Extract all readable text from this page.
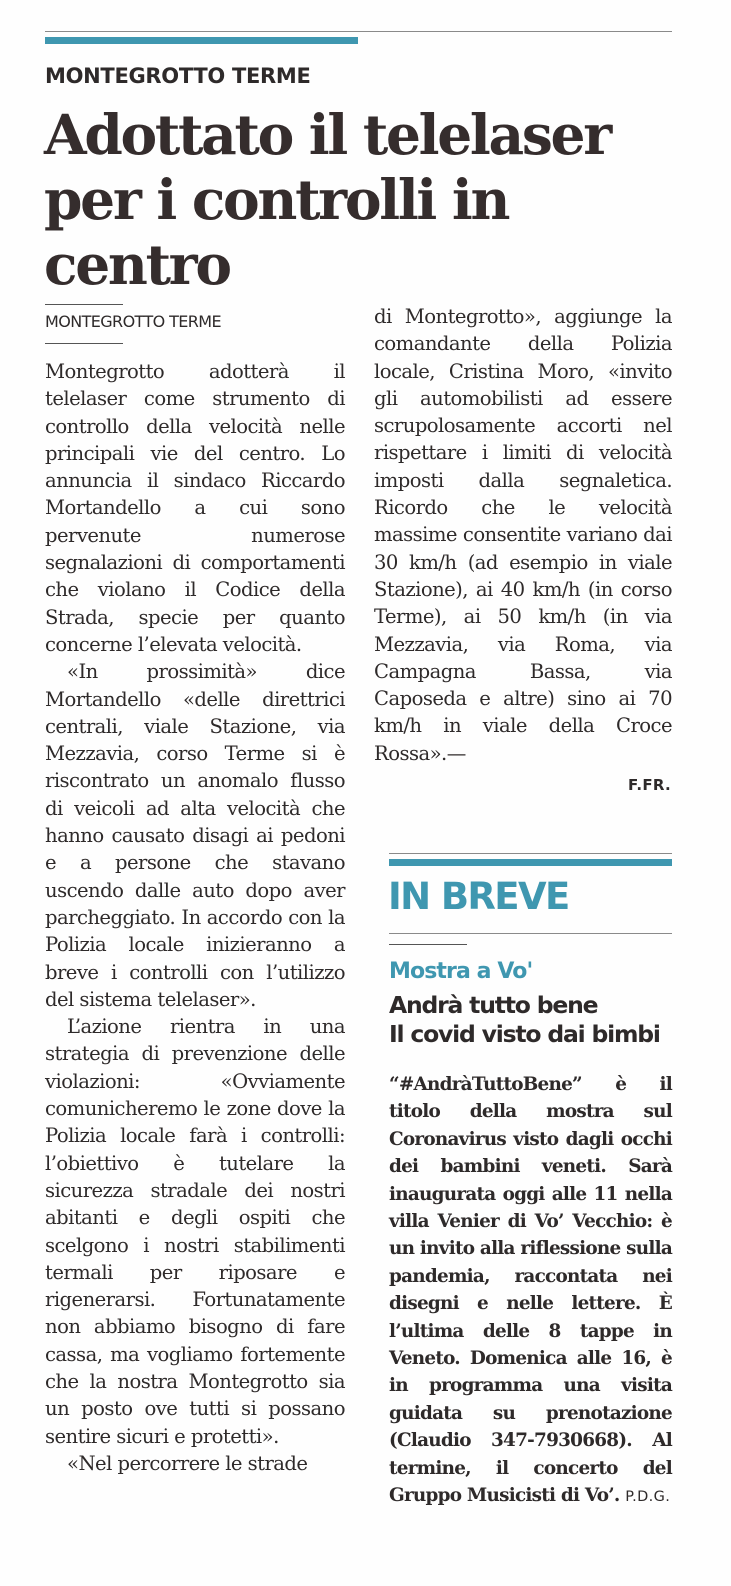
MONTEGROTTO TERME
Adottato il telelaser
per i controlli in centro
MONTEGROTTO TERME

Montegrotto adotterà il telelaser come strumento di controllo della velocità nelle principali vie del centro. Lo annuncia il sindaco Riccardo Mortandello a cui sono pervenute numerose segnalazioni di comportamenti che violano il Codice della Strada, specie per quanto concerne l’elevata velocità.

«In prossimità» dice Mortandello «delle direttrici centrali, viale Stazione, via Mezzavia, corso Terme si è riscontrato un anomalo flusso di veicoli ad alta velocità che hanno causato disagi ai pedoni e a persone che stavano uscendo dalle auto dopo aver parcheggiato. In accordo con la Polizia locale inizieranno a breve i controlli con l’utilizzo del sistema telelaser».

L’azione rientra in una strategia di prevenzione delle violazioni: «Ovviamente comunicheremo le zone dove la Polizia locale farà i controlli: l’obiettivo è tutelare la sicurezza stradale dei nostri abitanti e degli ospiti che scelgono i nostri stabilimenti termali per riposare e rigenerarsi. Fortunatamente non abbiamo bisogno di fare cassa, ma vogliamo fortemente che la nostra Montegrotto sia un posto ove tutti si possano sentire sicuri e protetti».

«Nel percorrere le strade

di Montegrotto», aggiunge la comandante della Polizia locale, Cristina Moro, «invito gli automobilisti ad essere scrupolosamente accorti nel rispettare i limiti di velocità imposti dalla segnaletica. Ricordo che le velocità massime consentite variano dai 30 km/h (ad esempio in viale Stazione), ai 40 km/h (in corso Terme), ai 50 km/h (in via Mezzavia, via Roma, via Campagna Bassa, via Caposeda e altre) sino ai 70 km/h in viale della Croce Rossa».—

F.FR.
IN BREVE
Mostra a Vo'
Andrà tutto bene
Il covid visto dai bimbi
“#AndràTuttoBene” è il titolo della mostra sul Coronavirus visto dagli occhi dei bambini veneti. Sarà inaugurata oggi alle 11 nella villa Venier di Vo’ Vecchio: è un invito alla riflessione sulla pandemia, raccontata nei disegni e nelle lettere. È l’ultima delle 8 tappe in Veneto. Domenica alle 16, è in programma una visita guidata su prenotazione (Claudio 347-7930668). Al termine, il concerto del Gruppo Musicisti di Vo’. P.D.G.
